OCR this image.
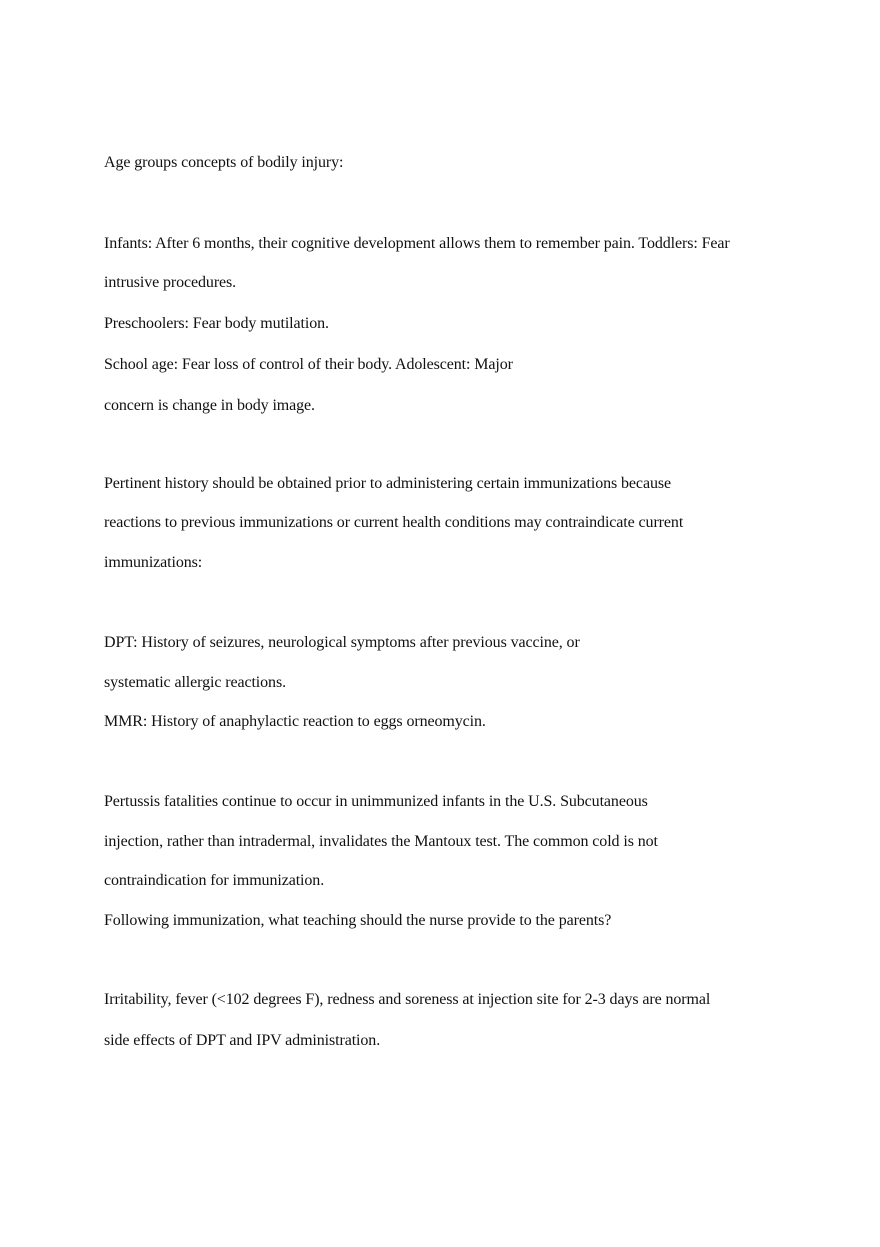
Age groups concepts of bodily injury:
Infants: After 6 months, their cognitive development allows them to remember pain. Toddlers: Fear
intrusive procedures.
Preschoolers: Fear body mutilation.
School age: Fear loss of control of their body. Adolescent: Major
concern is change in body image.
Pertinent history should be obtained prior to administering certain immunizations because
reactions to previous immunizations or current health conditions may contraindicate current
immunizations:
DPT: History of seizures, neurological symptoms after previous vaccine, or
systematic allergic reactions.
MMR: History of anaphylactic reaction to eggs orneomycin.
Pertussis fatalities continue to occur in unimmunized infants in the U.S. Subcutaneous
injection, rather than intradermal, invalidates the Mantoux test. The common cold is not
contraindication for immunization.
Following immunization, what teaching should the nurse provide to the parents?
Irritability, fever (<102 degrees F), redness and soreness at injection site for 2-3 days are normal
side effects of DPT and IPV administration.
